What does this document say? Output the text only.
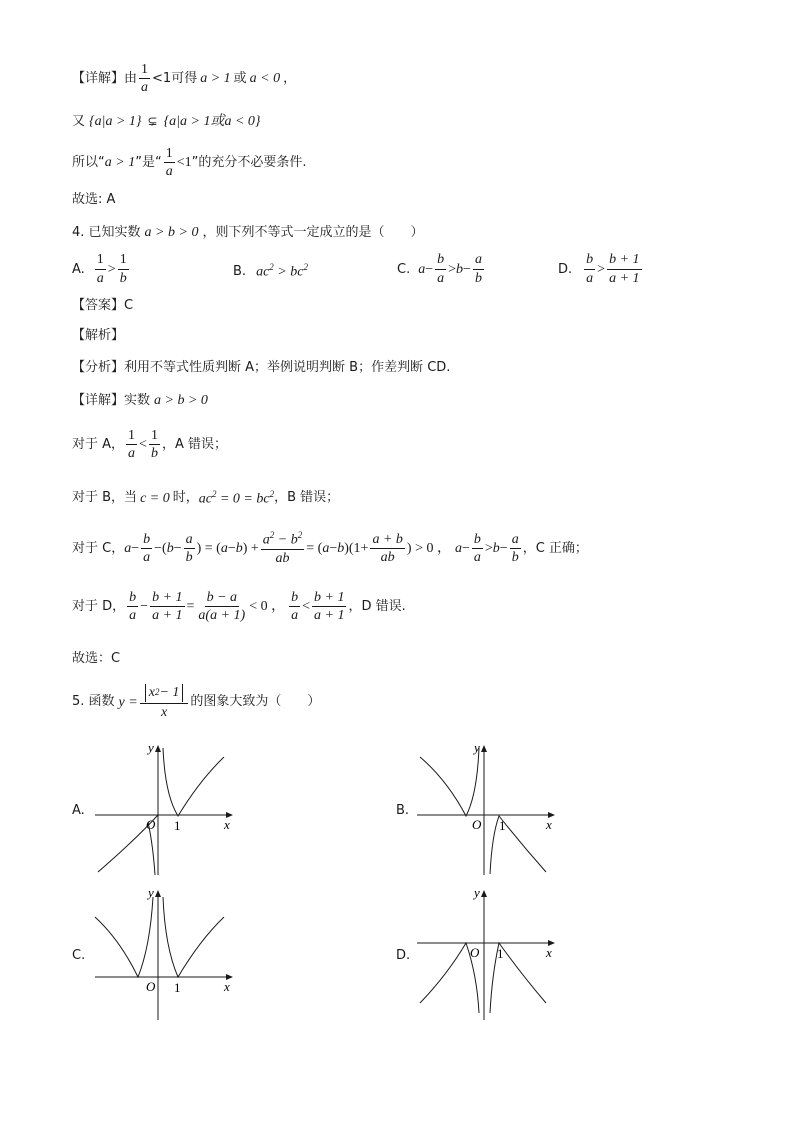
【详解】 由 $\frac{1}{a} <1$可得 a > 1 或 a < 0 ，
又 {a|a > 1} ⊊ {a|a > 1或a < 0}
所以“ a > 1 ”是“ $\frac{1}{a} <1$ ”的充分不必要条件.
故选: A
4. 已知实数 a > b > 0 ，则下列不等式一定成立的是（　　）
A. $\frac{1}{a} > \frac{1}{b}$	B. $ac^2 > bc^2$	C. $a - \frac{b}{a} > b - \frac{a}{b}$	D. $\frac{b}{a} > \frac{b + 1}{a + 1}$
【答案】 C
【解析】
【分析】 利用不等式性质判断 A；举例说明判断 B；作差判断 CD.
【详解】 实数 a > b > 0
对于 A， $\frac{1}{a} < \frac{1}{b}$ ，A 错误；
对于 B，当 c = 0 时， $ac^2 = 0 = bc^2$ ，B 错误；
对于 C， $a - \frac{b}{a}$ −( $b - \frac{a}{b}$ ) = ( a − b ) + $\frac{a^2 - b^2}{ab}$ = ( a − b )($1+ \frac{a + b}{ab}$ ) > 0 ， $a - \frac{b}{a} > b - \frac{a}{b}$ ，C 正确；
对于 D， $\frac{b}{a} - \frac{b + 1}{a + 1} = \frac{b - a}{a(a + 1)} < 0$ ， $\frac{b}{a} < \frac{b + 1}{a + 1}$ ，D 错误.
故选：C
5. 函数 $y = \frac{x 2 - 1}{x}$ 的图象大致为（　　）
A.	B.
C.	D.
x
y
O 1	x
y
O 1
x
y
O 1
x
y
O 1
